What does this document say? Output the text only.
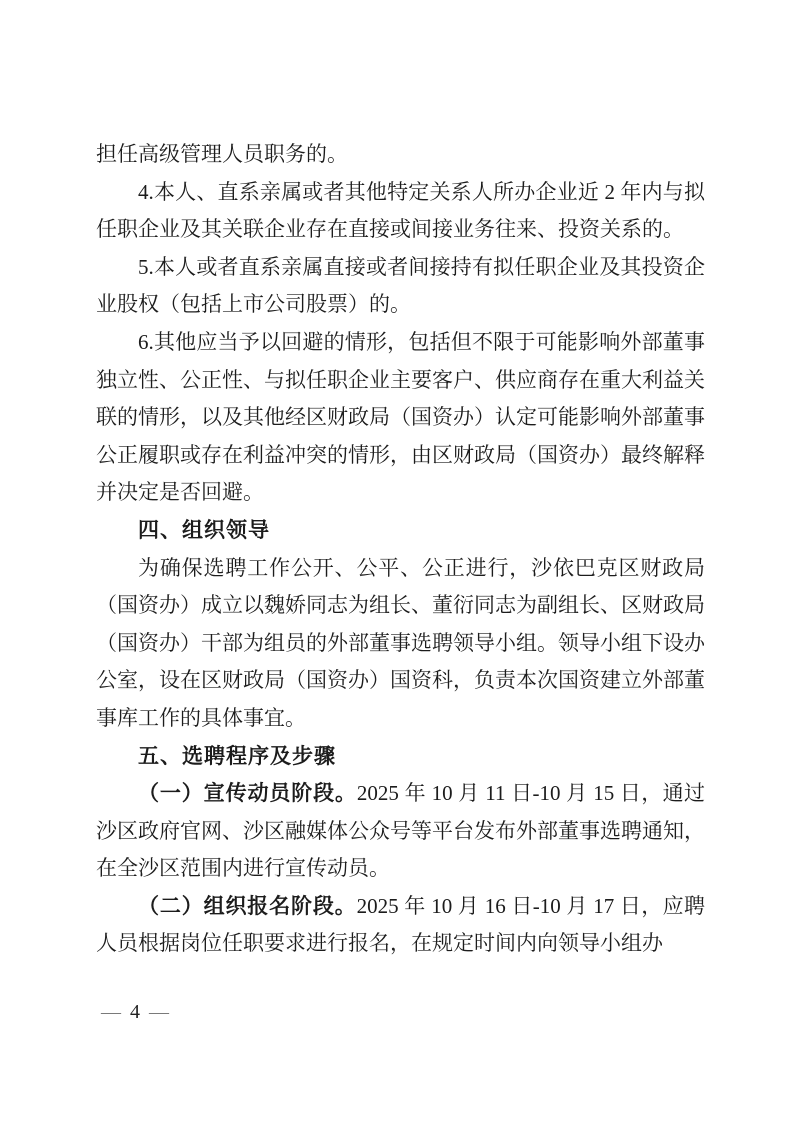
担任高级管理人员职务的。

4.本人、直系亲属或者其他特定关系人所办企业近 2 年内与拟任职企业及其关联企业存在直接或间接业务往来、投资关系的。

5.本人或者直系亲属直接或者间接持有拟任职企业及其投资企业股权（包括上市公司股票）的。

6.其他应当予以回避的情形，包括但不限于可能影响外部董事独立性、公正性、与拟任职企业主要客户、供应商存在重大利益关联的情形，以及其他经区财政局（国资办）认定可能影响外部董事公正履职或存在利益冲突的情形，由区财政局（国资办）最终解释并决定是否回避。

四、组织领导

为确保选聘工作公开、公平、公正进行，沙依巴克区财政局（国资办）成立以魏娇同志为组长、董衍同志为副组长、区财政局（国资办）干部为组员的外部董事选聘领导小组。领导小组下设办公室，设在区财政局（国资办）国资科，负责本次国资建立外部董事库工作的具体事宜。

五、选聘程序及步骤

（一）宣传动员阶段。2025 年 10 月 11 日-10 月 15 日，通过沙区政府官网、沙区融媒体公众号等平台发布外部董事选聘通知，在全沙区范围内进行宣传动员。

（二）组织报名阶段。2025 年 10 月 16 日-10 月 17 日，应聘人员根据岗位任职要求进行报名，在规定时间内向领导小组办

— 4 —
